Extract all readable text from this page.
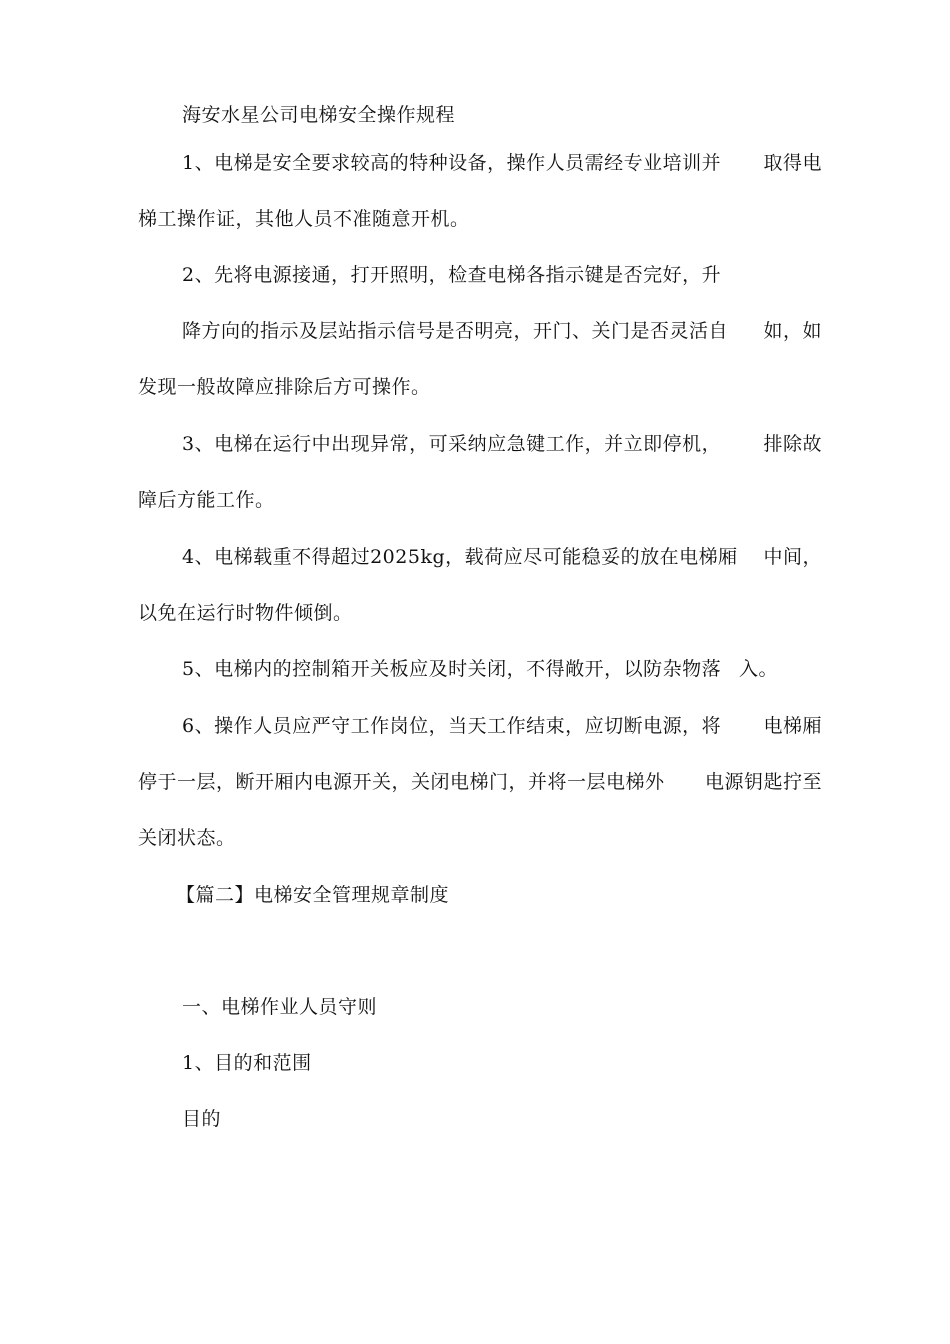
海安水星公司电梯安全操作规程
1、电梯是安全要求较高的特种设备，操作人员需经专业培训并 取得电
梯工操作证，其他人员不准随意开机。
2、先将电源接通，打开照明，检查电梯各指示键是否完好，升
降方向的指示及层站指示信号是否明亮，开门、关门是否灵活自 如，如
发现一般故障应排除后方可操作。
3、电梯在运行中出现异常，可采纳应急键工作，并立即停机， 排除故
障后方能工作。
4、电梯载重不得超过2025kg，载荷应尽可能稳妥的放在电梯厢 中间，
以免在运行时物件倾倒。
5、电梯内的控制箱开关板应及时关闭，不得敞开，以防杂物落 入。
6、操作人员应严守工作岗位，当天工作结束，应切断电源，将 电梯厢
停于一层，断开厢内电源开关，关闭电梯门，并将一层电梯外 电源钥匙拧至
关闭状态。
【篇二】电梯安全管理规章制度
一、电梯作业人员守则
1、目的和范围
目的
